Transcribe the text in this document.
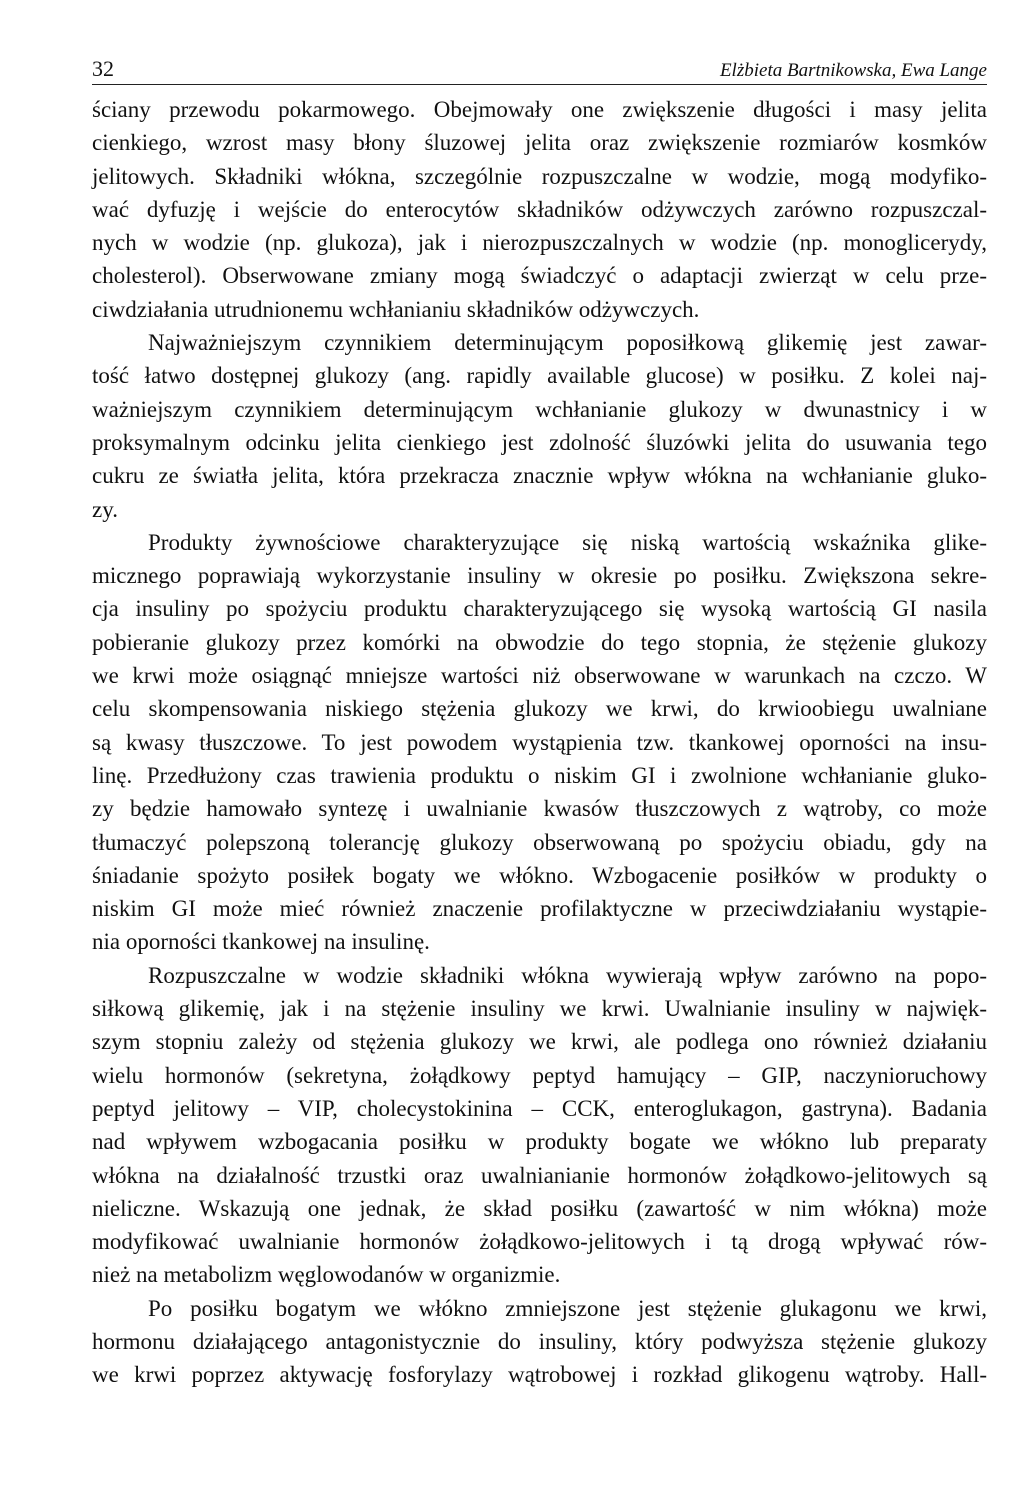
32	Elżbieta Bartnikowska, Ewa Lange
ściany przewodu pokarmowego. Obejmowały one zwiększenie długości i masy jelita
cienkiego, wzrost masy błony śluzowej jelita oraz zwiększenie rozmiarów kosmków
jelitowych. Składniki włókna, szczególnie rozpuszczalne w wodzie, mogą modyfiko-
wać dyfuzję i wejście do enterocytów składników odżywczych zarówno rozpuszczal-
nych w wodzie (np. glukoza), jak i nierozpuszczalnych w wodzie (np. monoglicerydy,
cholesterol). Obserwowane zmiany mogą świadczyć o adaptacji zwierząt w celu prze-
ciwdziałania utrudnionemu wchłanianiu składników odżywczych.
Najważniejszym czynnikiem determinującym poposiłkową glikemię jest zawar-
tość łatwo dostępnej glukozy (ang. rapidly available glucose) w posiłku. Z kolei naj-
ważniejszym czynnikiem determinującym wchłanianie glukozy w dwunastnicy i w
proksymalnym odcinku jelita cienkiego jest zdolność śluzówki jelita do usuwania tego
cukru ze światła jelita, która przekracza znacznie wpływ włókna na wchłanianie gluko-
zy.
Produkty żywnościowe charakteryzujące się niską wartością wskaźnika glike-
micznego poprawiają wykorzystanie insuliny w okresie po posiłku. Zwiększona sekre-
cja insuliny po spożyciu produktu charakteryzującego się wysoką wartością GI nasila
pobieranie glukozy przez komórki na obwodzie do tego stopnia, że stężenie glukozy
we krwi może osiągnąć mniejsze wartości niż obserwowane w warunkach na czczo. W
celu skompensowania niskiego stężenia glukozy we krwi, do krwioobiegu uwalniane
są kwasy tłuszczowe. To jest powodem wystąpienia tzw. tkankowej oporności na insu-
linę. Przedłużony czas trawienia produktu o niskim GI i zwolnione wchłanianie gluko-
zy będzie hamowało syntezę i uwalnianie kwasów tłuszczowych z wątroby, co może
tłumaczyć polepszoną tolerancję glukozy obserwowaną po spożyciu obiadu, gdy na
śniadanie spożyto posiłek bogaty we włókno. Wzbogacenie posiłków w produkty o
niskim GI może mieć również znaczenie profilaktyczne w przeciwdziałaniu wystąpie-
nia oporności tkankowej na insulinę.
Rozpuszczalne w wodzie składniki włókna wywierają wpływ zarówno na popo-
siłkową glikemię, jak i na stężenie insuliny we krwi. Uwalnianie insuliny w najwięk-
szym stopniu zależy od stężenia glukozy we krwi, ale podlega ono również działaniu
wielu hormonów (sekretyna, żołądkowy peptyd hamujący – GIP, naczynioruchowy
peptyd jelitowy – VIP, cholecystokinina – CCK, enteroglukagon, gastryna). Badania
nad wpływem wzbogacania posiłku w produkty bogate we włókno lub preparaty
włókna na działalność trzustki oraz uwalnianianie hormonów żołądkowo-jelitowych są
nieliczne. Wskazują one jednak, że skład posiłku (zawartość w nim włókna) może
modyfikować uwalnianie hormonów żołądkowo-jelitowych i tą drogą wpływać rów-
nież na metabolizm węglowodanów w organizmie.
Po posiłku bogatym we włókno zmniejszone jest stężenie glukagonu we krwi,
hormonu działającego antagonistycznie do insuliny, który podwyższa stężenie glukozy
we krwi poprzez aktywację fosforylazy wątrobowej i rozkład glikogenu wątroby. Hall-
